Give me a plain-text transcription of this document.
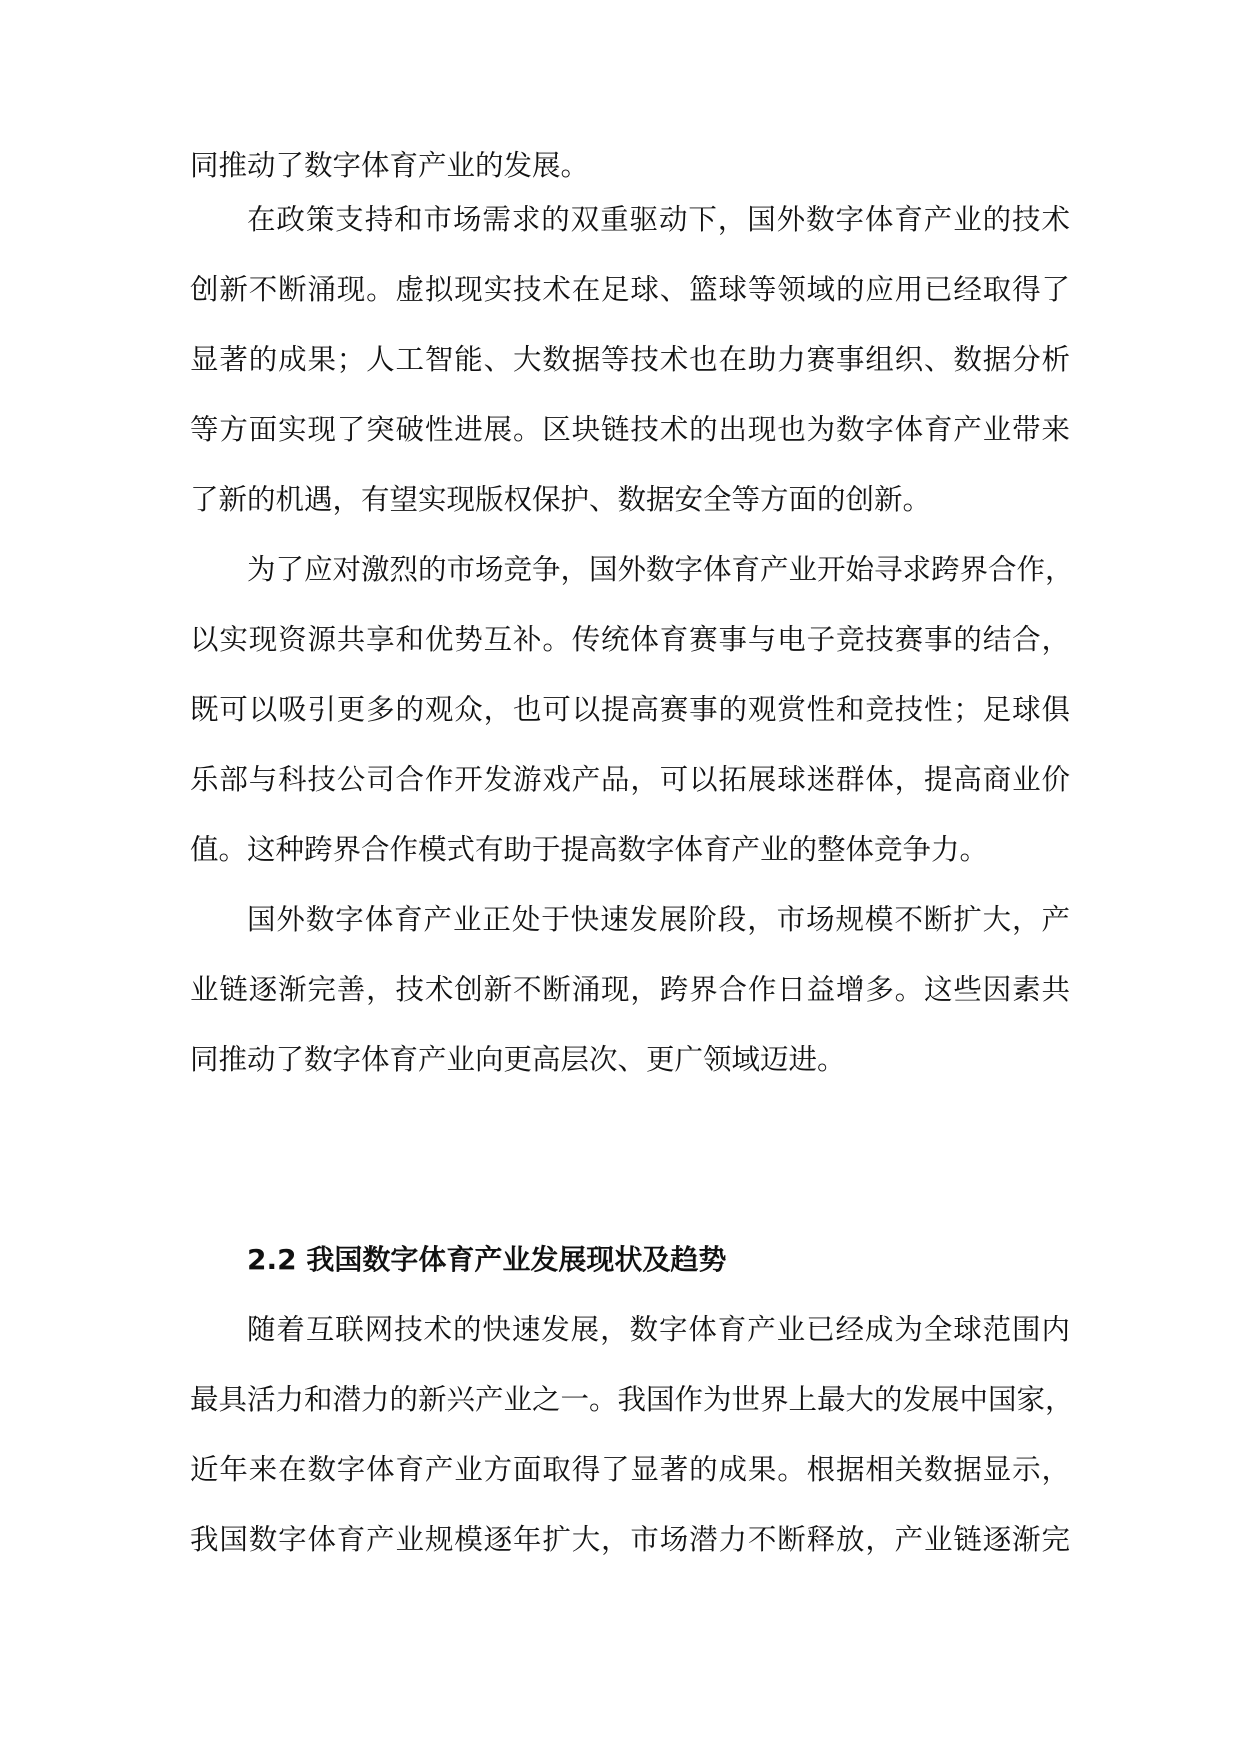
同推动了数字体育产业的发展。
在政策支持和市场需求的双重驱动下，国外数字体育产业的技术
创新不断涌现。虚拟现实技术在足球、篮球等领域的应用已经取得了
显著的成果；人工智能、大数据等技术也在助力赛事组织、数据分析
等方面实现了突破性进展。区块链技术的出现也为数字体育产业带来
了新的机遇，有望实现版权保护、数据安全等方面的创新。
为了应对激烈的市场竞争，国外数字体育产业开始寻求跨界合作，
以实现资源共享和优势互补。传统体育赛事与电子竞技赛事的结合，
既可以吸引更多的观众，也可以提高赛事的观赏性和竞技性；足球俱
乐部与科技公司合作开发游戏产品，可以拓展球迷群体，提高商业价
值。这种跨界合作模式有助于提高数字体育产业的整体竞争力。
国外数字体育产业正处于快速发展阶段，市场规模不断扩大，产
业链逐渐完善，技术创新不断涌现，跨界合作日益增多。这些因素共
同推动了数字体育产业向更高层次、更广领域迈进。
2.2 我国数字体育产业发展现状及趋势
随着互联网技术的快速发展，数字体育产业已经成为全球范围内
最具活力和潜力的新兴产业之一。我国作为世界上最大的发展中国家，
近年来在数字体育产业方面取得了显著的成果。根据相关数据显示，
我国数字体育产业规模逐年扩大，市场潜力不断释放，产业链逐渐完
